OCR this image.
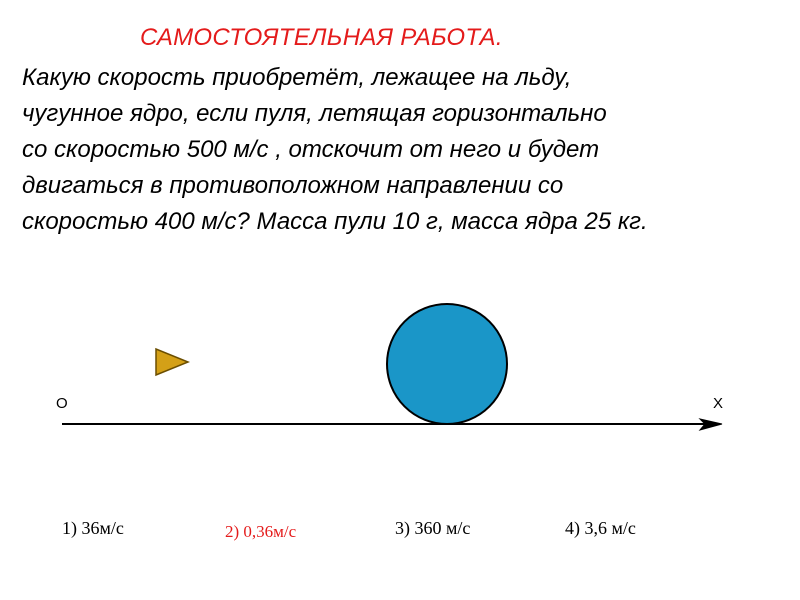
САМОСТОЯТЕЛЬНАЯ РАБОТА.
Какую скорость приобретёт, лежащее на льду,
чугунное ядро, если пуля, летящая горизонтально
со скоростью 500 м/с , отскочит от него и будет
двигаться в противоположном направлении со
скоростью 400 м/с? Масса пули 10 г, масса ядра 25 кг.
O	X
1) 36м/с	2) 0,36м/с	3) 360 м/с	4) 3,6 м/с
